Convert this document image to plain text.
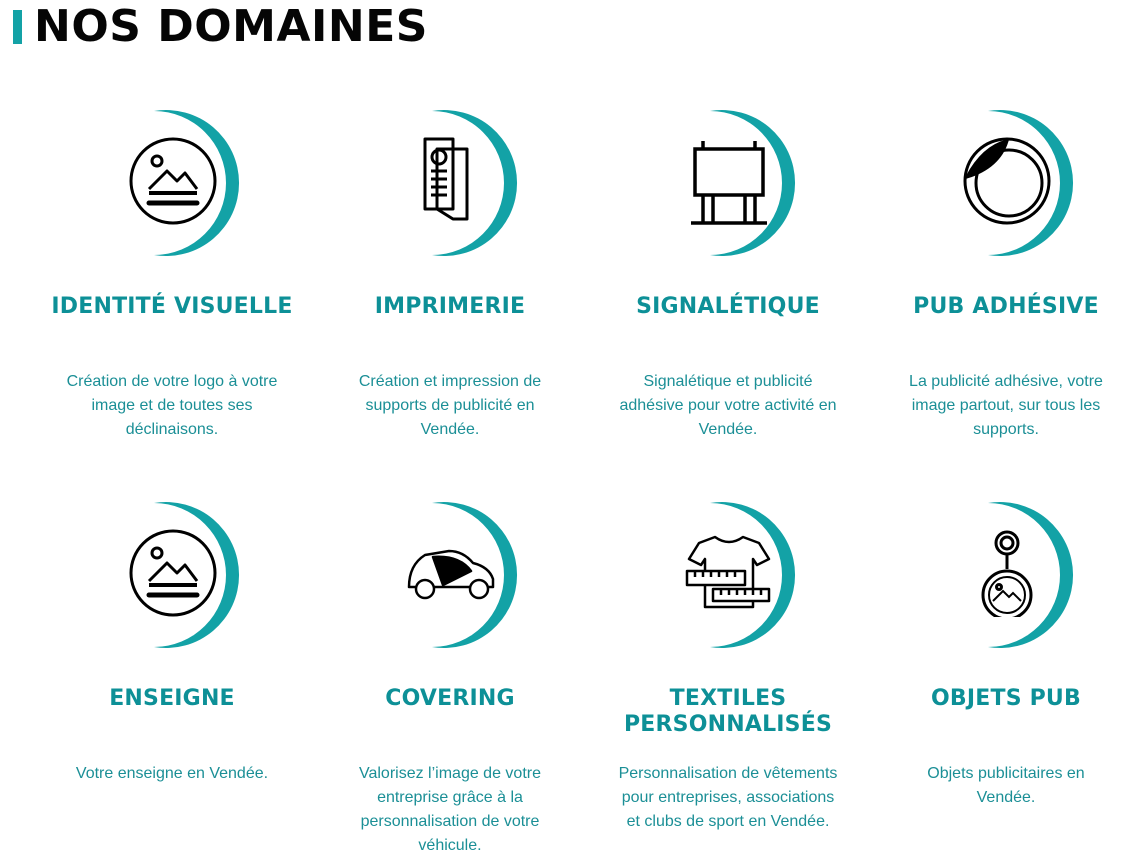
NOS DOMAINES
IDENTITÉ VISUELLE

Création de votre logo à votre image et de toutes ses déclinaisons.

IMPRIMERIE

Création et impression de supports de publicité en Vendée.

SIGNALÉTIQUE

Signalétique et publicité adhésive pour votre activité en Vendée.

PUB ADHÉSIVE

La publicité adhésive, votre image partout, sur tous les supports.

ENSEIGNE

Votre enseigne en Vendée.

COVERING

Valorisez l’image de votre entreprise grâce à la personnalisation de votre véhicule.

TEXTILES PERSONNALISÉS

Personnalisation de vêtements pour entreprises, associations et clubs de sport en Vendée.

OBJETS PUB

Objets publicitaires en Vendée.
